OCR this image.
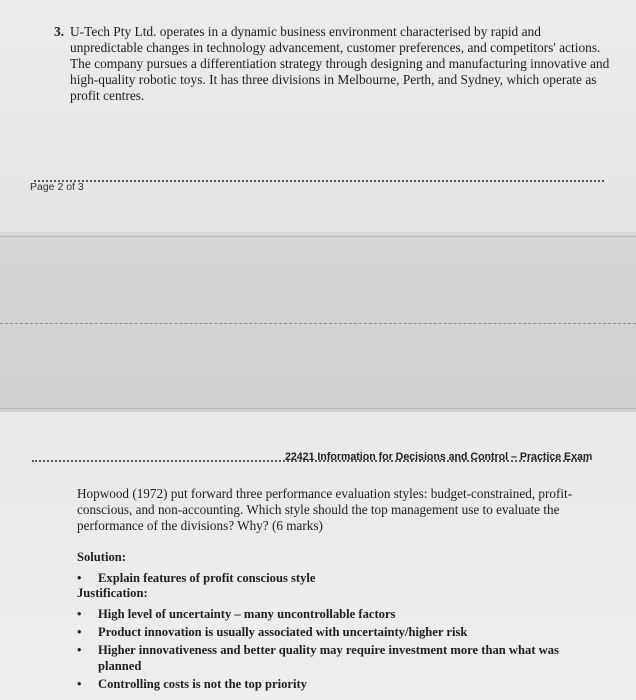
3. U-Tech Pty Ltd. operates in a dynamic business environment characterised by rapid and unpredictable changes in technology advancement, customer preferences, and competitors' actions. The company pursues a differentiation strategy through designing and manufacturing innovative and high-quality robotic toys. It has three divisions in Melbourne, Perth, and Sydney, which operate as profit centres.
Page 2 of 3
22421 Information for Decisions and Control – Practice Exam

Hopwood (1972) put forward three performance evaluation styles: budget-constrained, profit-conscious, and non-accounting. Which style should the top management use to evaluate the performance of the divisions? Why? (6 marks)

Solution:
• Explain features of profit conscious style
Justification:
• High level of uncertainty – many uncontrollable factors
• Product innovation is usually associated with uncertainty/higher risk
• Higher innovativeness and better quality may require investment more than what was planned
• Controlling costs is not the top priority
